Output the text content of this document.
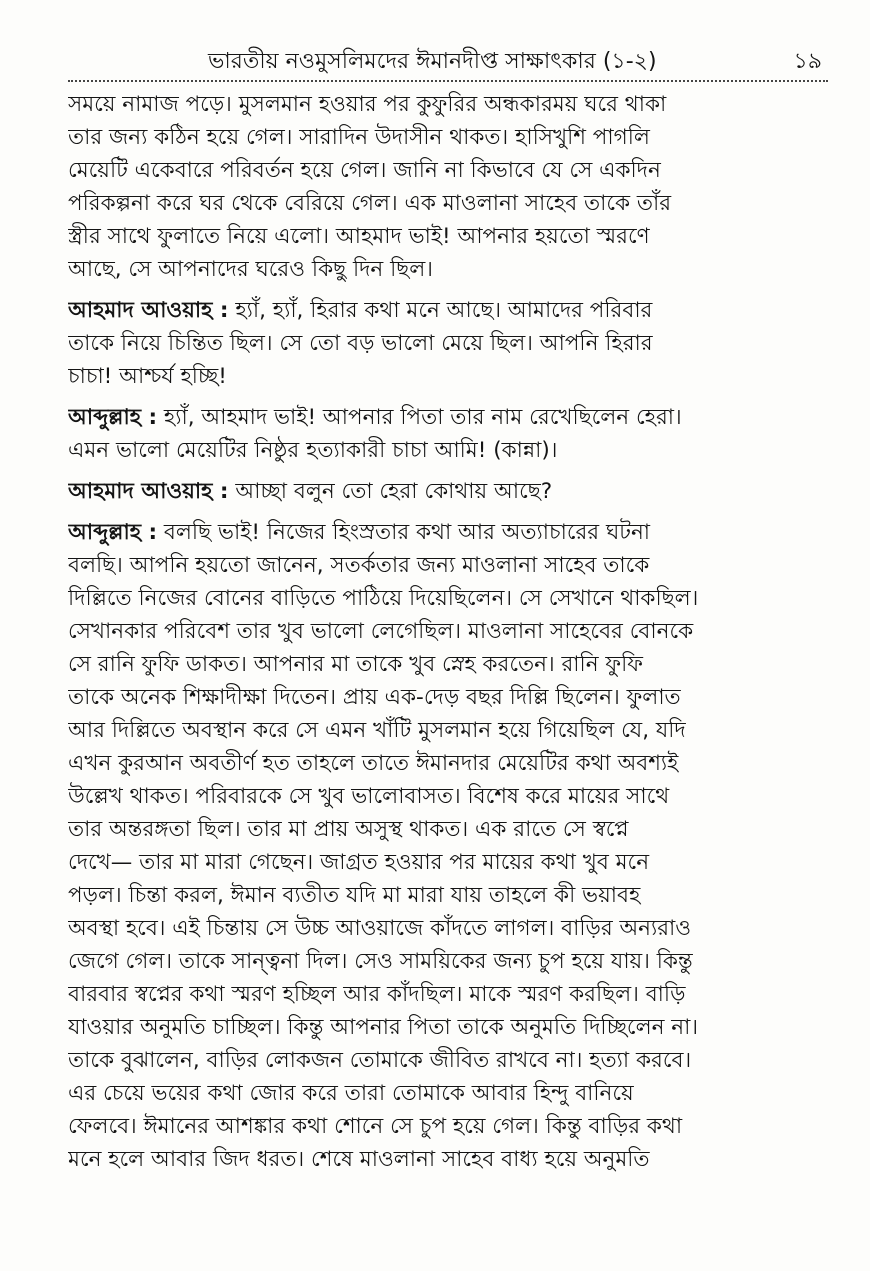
ভারতীয় নওমুসলিমদের ঈমানদীপ্ত সাক্ষাৎকার (১-২)	১৯
সময়ে নামাজ পড়ে। মুসলমান হওয়ার পর কুফুরির অন্ধকারময় ঘরে থাকা
তার জন্য কঠিন হয়ে গেল। সারাদিন উদাসীন থাকত। হাসিখুশি পাগলি
মেয়েটি একেবারে পরিবর্তন হয়ে গেল। জানি না কিভাবে যে সে একদিন
পরিকল্পনা করে ঘর থেকে বেরিয়ে গেল। এক মাওলানা সাহেব তাকে তাঁর
স্ত্রীর সাথে ফুলাতে নিয়ে এলো। আহমাদ ভাই! আপনার হয়তো স্মরণে
আছে, সে আপনাদের ঘরেও কিছু দিন ছিল।
আহমাদ আওয়াহ : হ্যাঁ, হ্যাঁ, হিরার কথা মনে আছে। আমাদের পরিবার
তাকে নিয়ে চিন্তিত ছিল। সে তো বড় ভালো মেয়ে ছিল। আপনি হিরার
চাচা! আশ্চর্য হচ্ছি!
আব্দুল্লাহ : হ্যাঁ, আহমাদ ভাই! আপনার পিতা তার নাম রেখেছিলেন হেরা।
এমন ভালো মেয়েটির নিষ্ঠুর হত্যাকারী চাচা আমি! (কান্না)।
আহমাদ আওয়াহ : আচ্ছা বলুন তো হেরা কোথায় আছে?
আব্দুল্লাহ : বলছি ভাই! নিজের হিংস্রতার কথা আর অত্যাচারের ঘটনা
বলছি। আপনি হয়তো জানেন, সতর্কতার জন্য মাওলানা সাহেব তাকে
দিল্লিতে নিজের বোনের বাড়িতে পাঠিয়ে দিয়েছিলেন। সে সেখানে থাকছিল।
সেখানকার পরিবেশ তার খুব ভালো লেগেছিল। মাওলানা সাহেবের বোনকে
সে রানি ফুফি ডাকত। আপনার মা তাকে খুব স্নেহ করতেন। রানি ফুফি
তাকে অনেক শিক্ষাদীক্ষা দিতেন। প্রায় এক-দেড় বছর দিল্লি ছিলেন। ফুলাত
আর দিল্লিতে অবস্থান করে সে এমন খাঁটি মুসলমান হয়ে গিয়েছিল যে, যদি
এখন কুরআন অবতীর্ণ হত তাহলে তাতে ঈমানদার মেয়েটির কথা অবশ্যই
উল্লেখ থাকত। পরিবারকে সে খুব ভালোবাসত। বিশেষ করে মায়ের সাথে
তার অন্তরঙ্গতা ছিল। তার মা প্রায় অসুস্থ থাকত। এক রাতে সে স্বপ্নে
দেখে— তার মা মারা গেছেন। জাগ্রত হওয়ার পর মায়ের কথা খুব মনে
পড়ল। চিন্তা করল, ঈমান ব্যতীত যদি মা মারা যায় তাহলে কী ভয়াবহ
অবস্থা হবে। এই চিন্তায় সে উচ্চ আওয়াজে কাঁদতে লাগল। বাড়ির অন্যরাও
জেগে গেল। তাকে সান্ত্বনা দিল। সেও সাময়িকের জন্য চুপ হয়ে যায়। কিন্তু
বারবার স্বপ্নের কথা স্মরণ হচ্ছিল আর কাঁদছিল। মাকে স্মরণ করছিল। বাড়ি
যাওয়ার অনুমতি চাচ্ছিল। কিন্তু আপনার পিতা তাকে অনুমতি দিচ্ছিলেন না।
তাকে বুঝালেন, বাড়ির লোকজন তোমাকে জীবিত রাখবে না। হত্যা করবে।
এর চেয়ে ভয়ের কথা জোর করে তারা তোমাকে আবার হিন্দু বানিয়ে
ফেলবে। ঈমানের আশঙ্কার কথা শোনে সে চুপ হয়ে গেল। কিন্তু বাড়ির কথা
মনে হলে আবার জিদ ধরত। শেষে মাওলানা সাহেব বাধ্য হয়ে অনুমতি
